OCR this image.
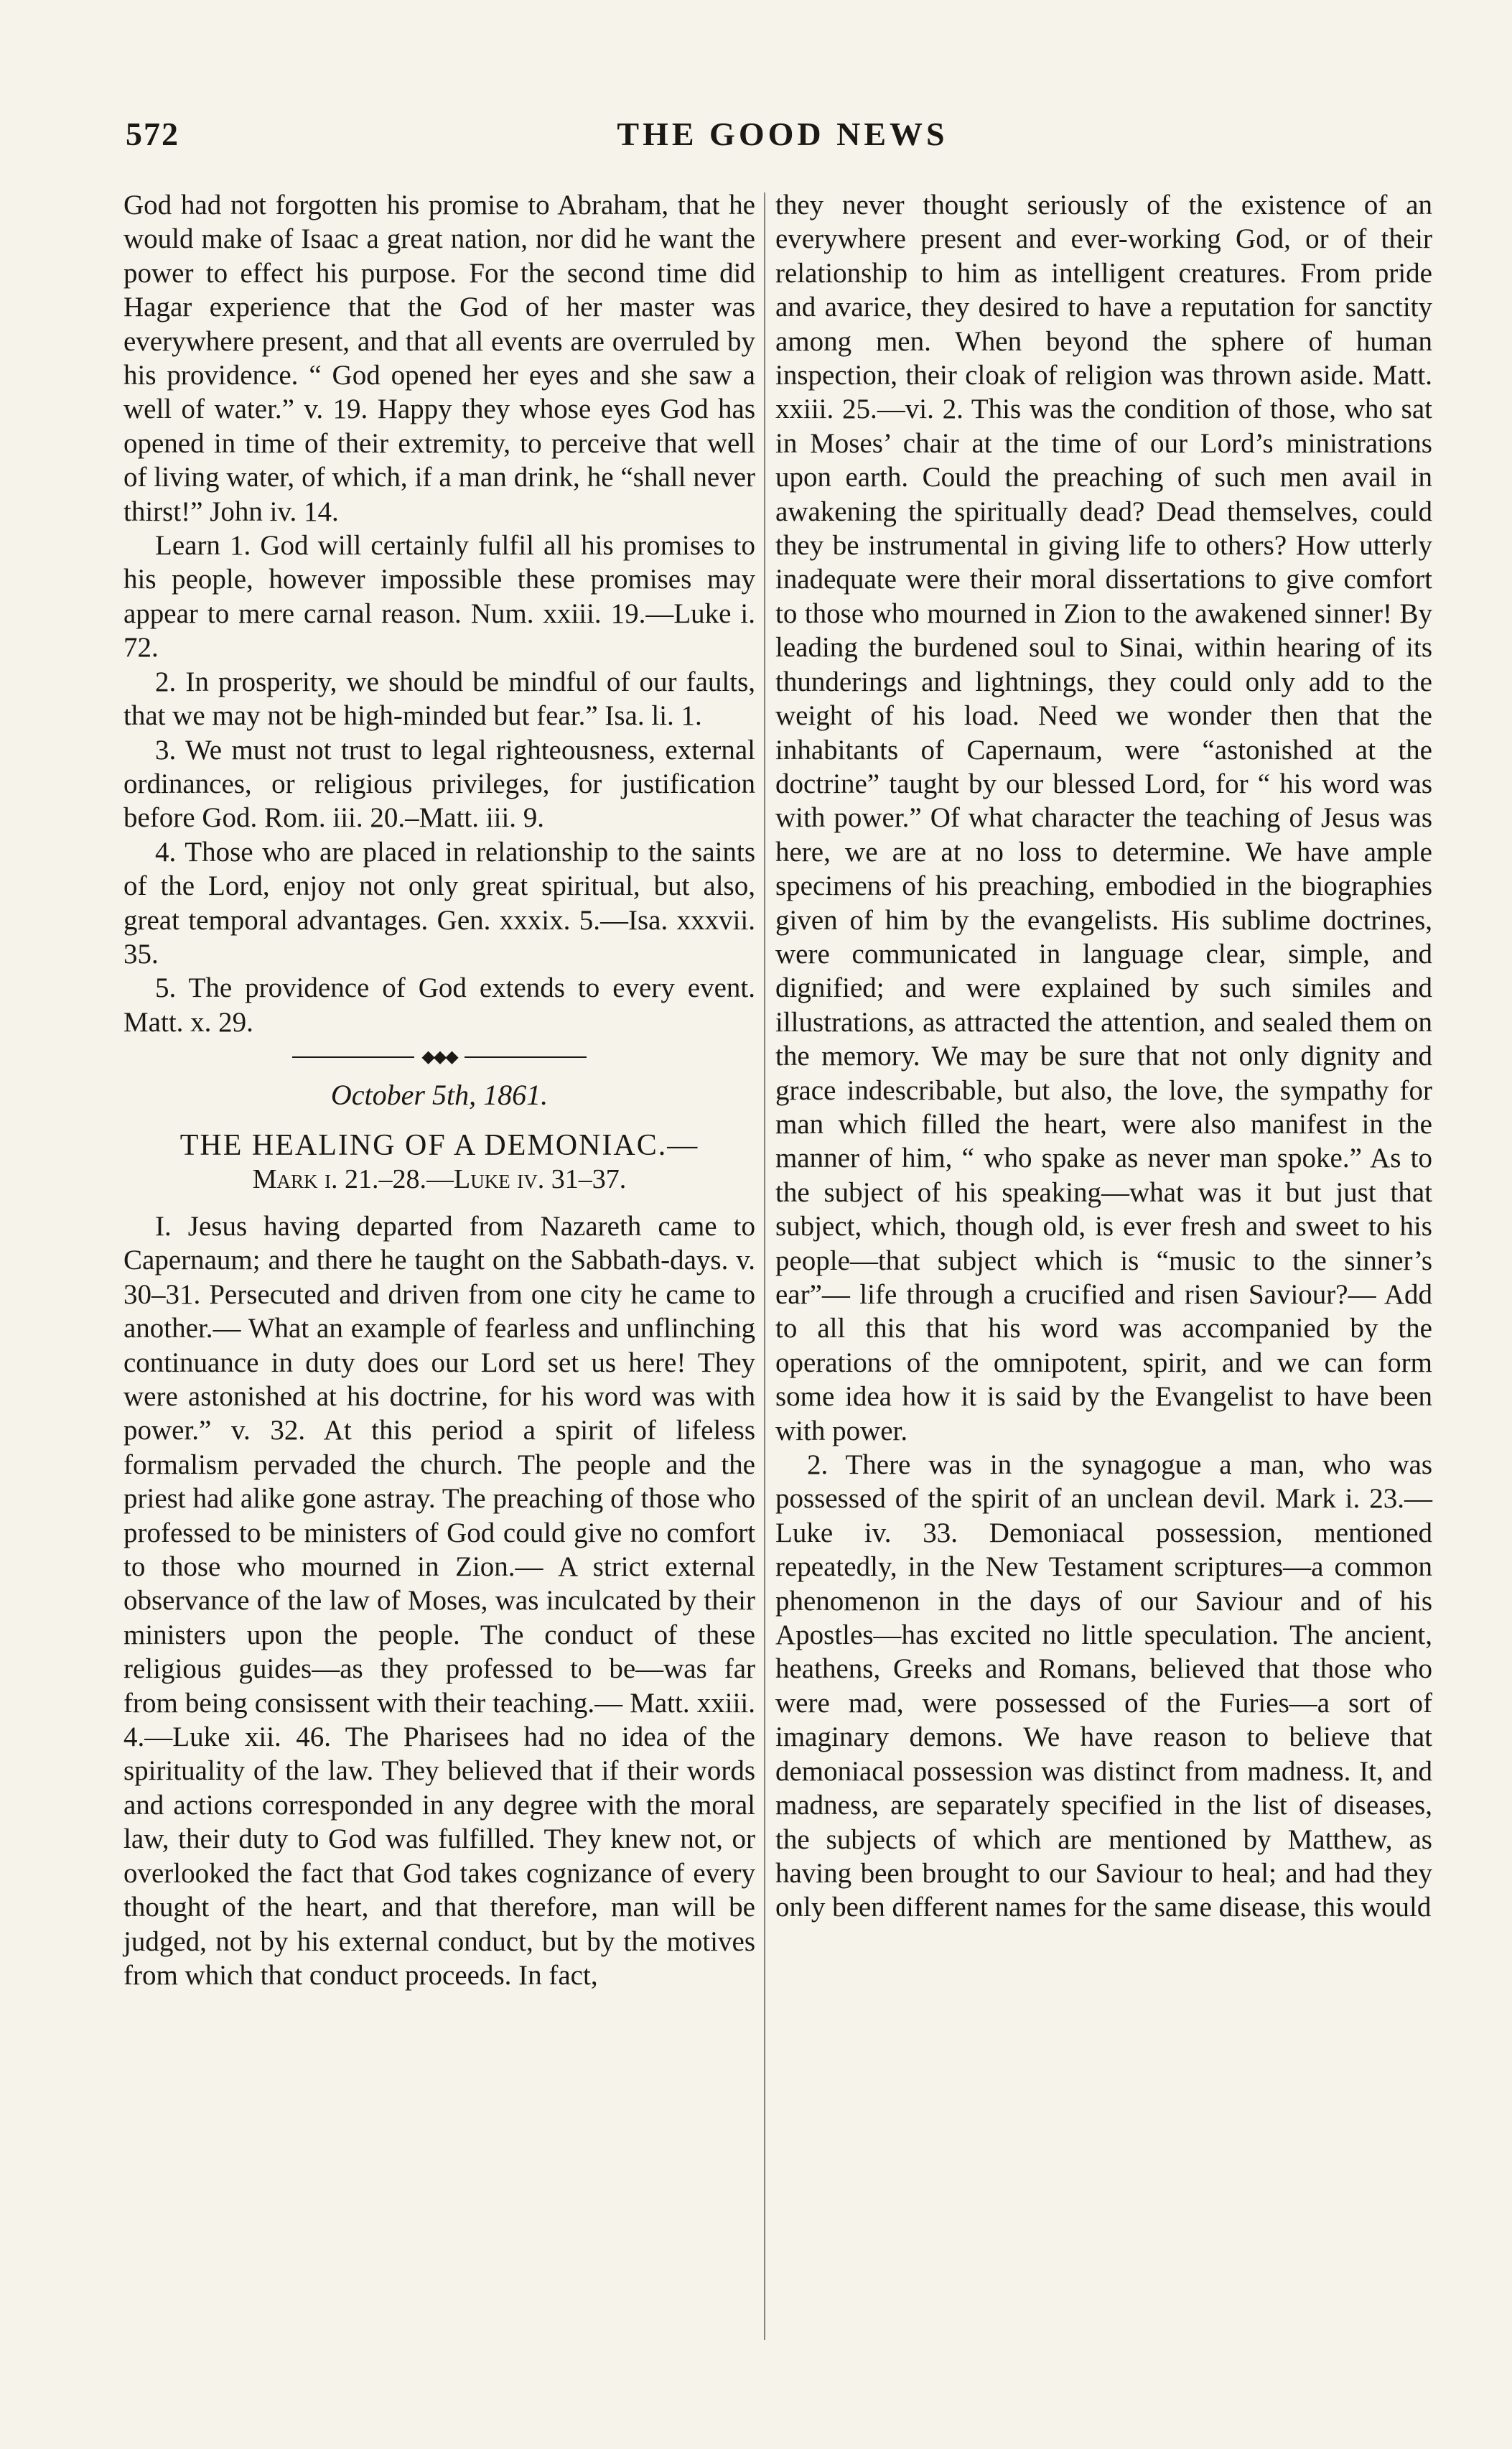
572	THE GOOD NEWS

God had not forgotten his promise to Abraham, that he would make of Isaac a great nation, nor did he want the power to effect his purpose. For the second time did Hagar experience that the God of her master was everywhere present, and that all events are overruled by his providence. “ God opened her eyes and she saw a well of water.” v. 19. Happy they whose eyes God has opened in time of their extremity, to perceive that well of living water, of which, if a man drink, he “shall never thirst!” John iv. 14.

Learn 1. God will certainly fulfil all his promises to his people, however impossible these promises may appear to mere carnal reason. Num. xxiii. 19.—Luke i. 72.

2. In prosperity, we should be mindful of our faults, that we may not be high-minded but fear.” Isa. li. 1.

3. We must not trust to legal righteousness, external ordinances, or religious privileges, for justification before God. Rom. iii. 20.–Matt. iii. 9.

4. Those who are placed in relationship to the saints of the Lord, enjoy not only great spiritual, but also, great temporal advantages. Gen. xxxix. 5.—Isa. xxxvii. 35.

5. The providence of God extends to every event. Matt. x. 29.

◆◆◆

October 5th, 1861.

THE HEALING OF A DEMONIAC.—

Mark i. 21.–28.—Luke iv. 31–37.

I. Jesus having departed from Nazareth came to Capernaum; and there he taught on the Sabbath-days. v. 30–31. Persecuted and driven from one city he came to another.— What an example of fearless and unflinching continuance in duty does our Lord set us here! They were astonished at his doctrine, for his word was with power.” v. 32. At this period a spirit of lifeless formalism pervaded the church. The people and the priest had alike gone astray. The preaching of those who professed to be ministers of God could give no comfort to those who mourned in Zion.— A strict external observance of the law of Moses, was inculcated by their ministers upon the people. The conduct of these religious guides—as they professed to be—was far from being consissent with their teaching.— Matt. xxiii. 4.—Luke xii. 46. The Pharisees had no idea of the spirituality of the law. They believed that if their words and actions corresponded in any degree with the moral law, their duty to God was fulfilled. They knew not, or overlooked the fact that God takes cognizance of every thought of the heart, and that therefore, man will be judged, not by his external conduct, but by the motives from which that conduct proceeds. In fact,

they never thought seriously of the existence of an everywhere present and ever-working God, or of their relationship to him as intelligent creatures. From pride and avarice, they desired to have a reputation for sanctity among men. When beyond the sphere of human inspection, their cloak of religion was thrown aside. Matt. xxiii. 25.—vi. 2. This was the condition of those, who sat in Moses’ chair at the time of our Lord’s ministrations upon earth. Could the preaching of such men avail in awakening the spiritually dead? Dead themselves, could they be instrumental in giving life to others? How utterly inadequate were their moral dissertations to give comfort to those who mourned in Zion to the awakened sinner! By leading the burdened soul to Sinai, within hearing of its thunderings and lightnings, they could only add to the weight of his load. Need we wonder then that the inhabitants of Capernaum, were “astonished at the doctrine” taught by our blessed Lord, for “ his word was with power.” Of what character the teaching of Jesus was here, we are at no loss to determine. We have ample specimens of his preaching, embodied in the biographies given of him by the evangelists. His sublime doctrines, were communicated in language clear, simple, and dignified; and were explained by such similes and illustrations, as attracted the attention, and sealed them on the memory. We may be sure that not only dignity and grace indescribable, but also, the love, the sympathy for man which filled the heart, were also manifest in the manner of him, “ who spake as never man spoke.” As to the subject of his speaking—what was it but just that subject, which, though old, is ever fresh and sweet to his people—that subject which is “music to the sinner’s ear”— life through a crucified and risen Saviour?— Add to all this that his word was accompanied by the operations of the omnipotent, spirit, and we can form some idea how it is said by the Evangelist to have been with power.

2. There was in the synagogue a man, who was possessed of the spirit of an unclean devil. Mark i. 23.—Luke iv. 33. Demoniacal possession, mentioned repeatedly, in the New Testament scriptures—a common phenomenon in the days of our Saviour and of his Apostles—has excited no little speculation. The ancient, heathens, Greeks and Romans, believed that those who were mad, were possessed of the Furies—a sort of imaginary demons. We have reason to believe that demoniacal possession was distinct from madness. It, and madness, are separately specified in the list of diseases, the subjects of which are mentioned by Matthew, as having been brought to our Saviour to heal; and had they only been different names for the same disease, this would
